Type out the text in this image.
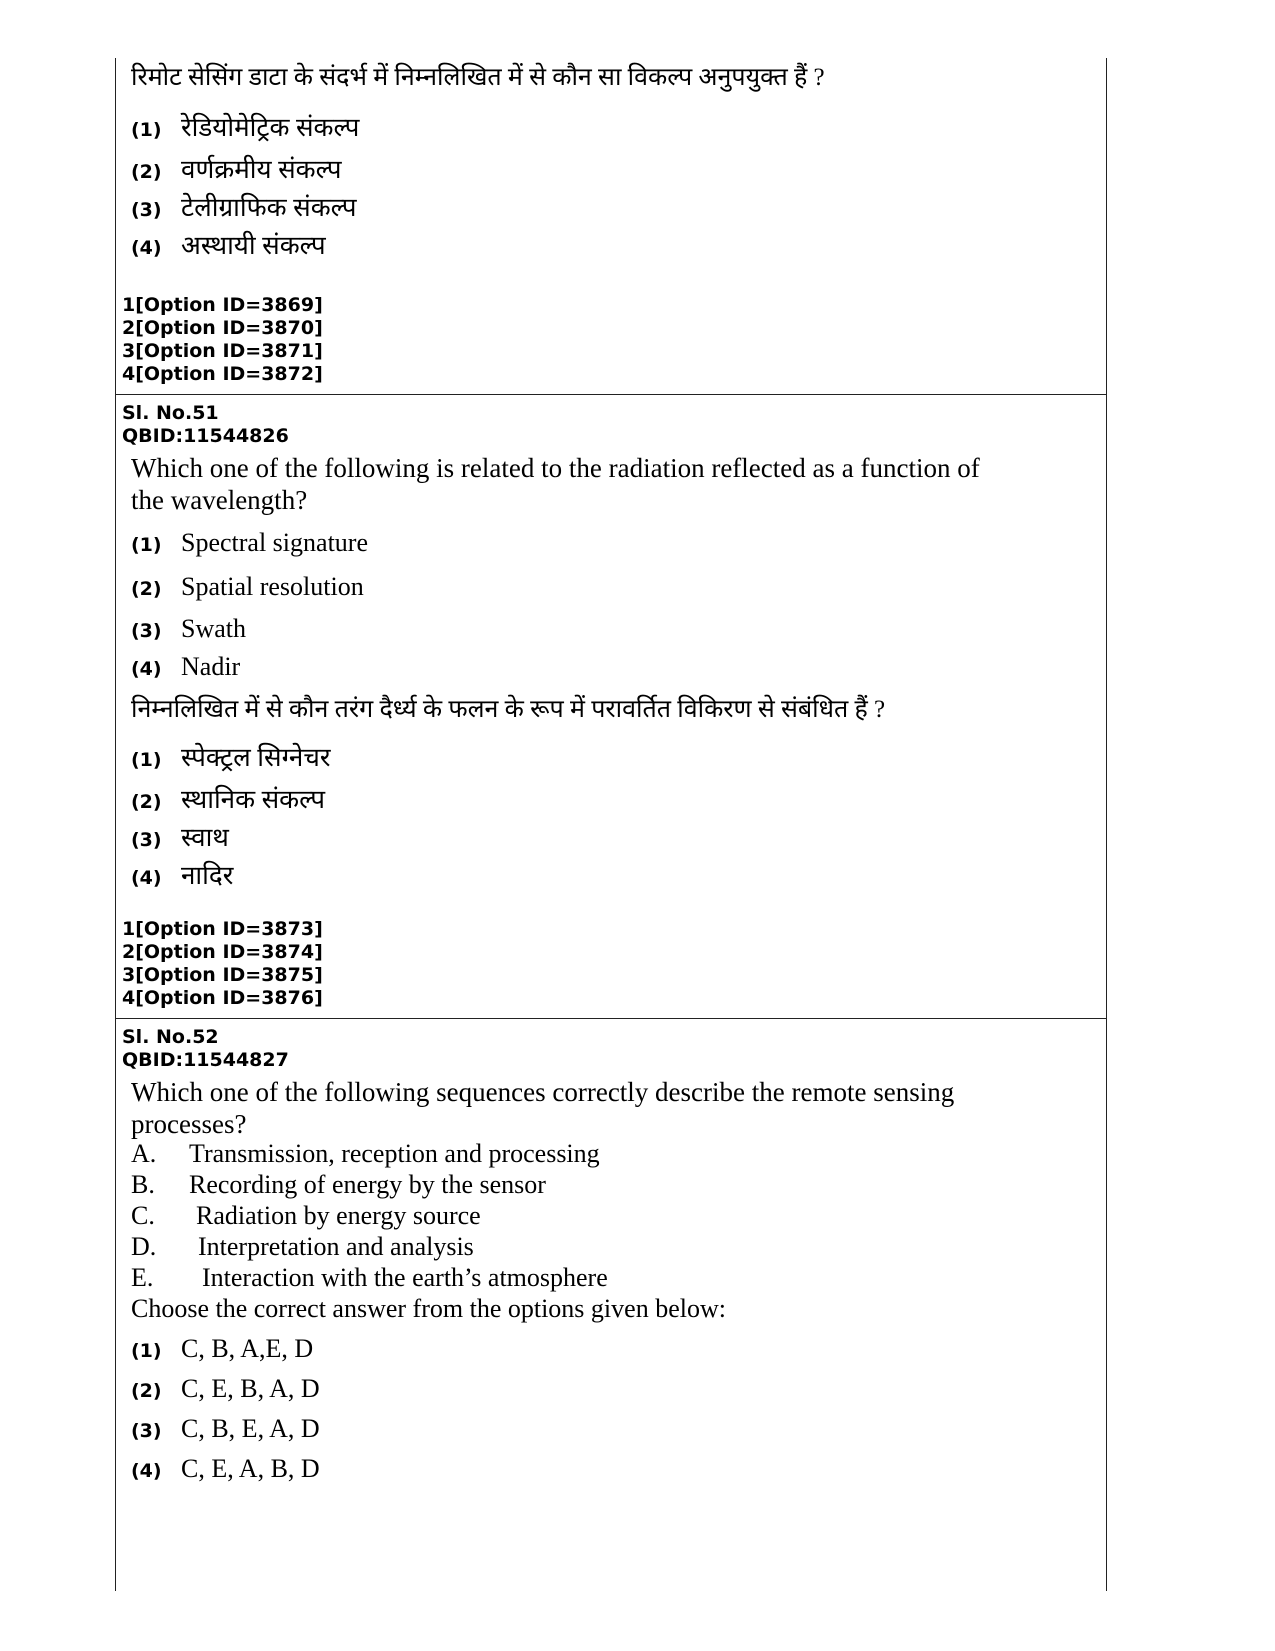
रिमोट सेसिंग डाटा के संदर्भ में निम्नलिखित में से कौन सा विकल्प अनुपयुक्त हैं ?
(1) रेडियोमेट्रिक संकल्प
(2) वर्णक्रमीय संकल्प
(3) टेलीग्राफिक संकल्प
(4) अस्थायी संकल्प
1[Option ID=3869]
2[Option ID=3870]
3[Option ID=3871]
4[Option ID=3872]
Sl. No.51
QBID:11544826
Which one of the following is related to the radiation reflected as a function of
the wavelength?
(1) Spectral signature
(2) Spatial resolution
(3) Swath
(4) Nadir
निम्नलिखित में से कौन तरंग दैर्ध्य के फलन के रूप में परावर्तित विकिरण से संबंधित हैं ?
(1) स्पेक्ट्रल सिग्नेचर
(2) स्थानिक संकल्प
(3) स्वाथ
(4) नादिर
1[Option ID=3873]
2[Option ID=3874]
3[Option ID=3875]
4[Option ID=3876]
Sl. No.52
QBID:11544827
Which one of the following sequences correctly describe the remote sensing
processes?
A.	Transmission, reception and processing
B.	Recording of energy by the sensor
C.	Radiation by energy source
D.	Interpretation and analysis
E.	Interaction with the earth’s atmosphere
Choose the correct answer from the options given below:
(1) C, B, A,E, D
(2) C, E, B, A, D
(3) C, B, E, A, D
(4) C, E, A, B, D
